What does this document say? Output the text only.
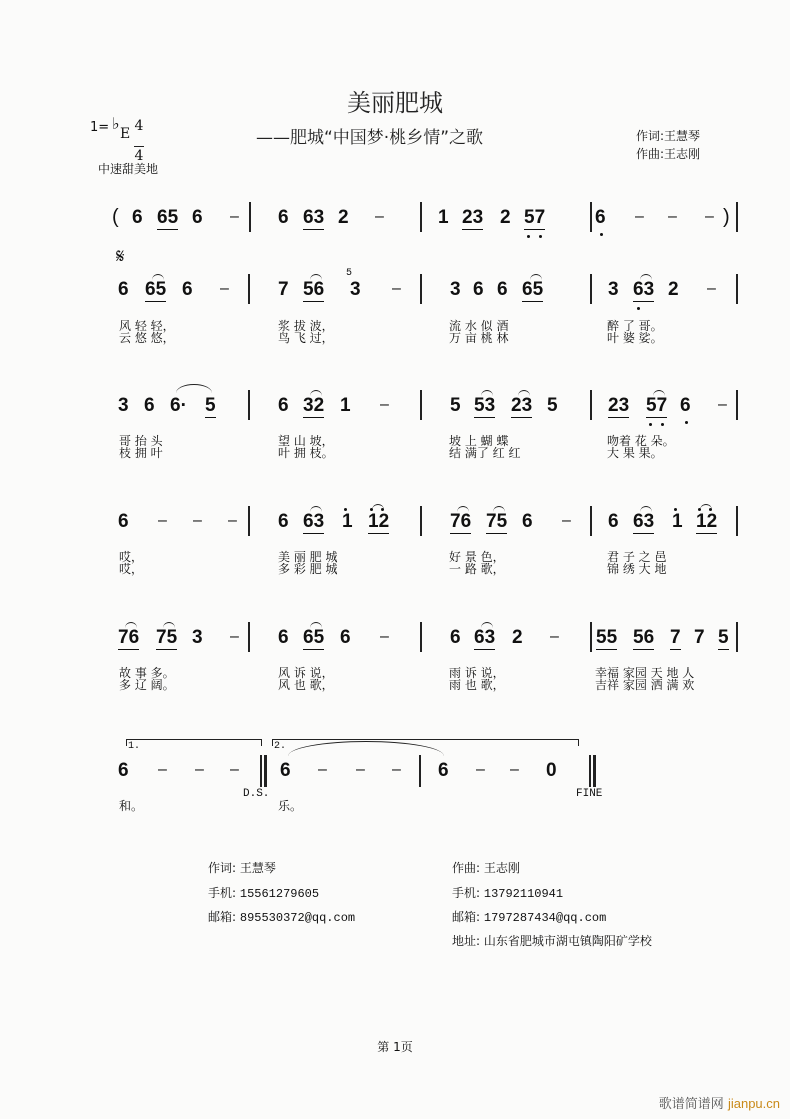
美丽肥城
——肥城“中国梦·桃乡情”之歌
1= ♭
E 4

4
中速甜美地
作词:王慧琴
作曲:王志刚
( 6 65 6 – 6 63 2 –	1 23 2 57	6 – – – )
𝄋
6 65 6 –	7 56
5
3 –	3 6 6 65	3 63 2 –
风 轻 轻，
云 悠 悠，
浆 拔 波，
鸟 飞 过，
流 水 似 酒
万 亩 桃 林
醉 了 哥。
叶 婆 娑。
3 6 6· 5	6 32 1 –	5 53 23 5	23 57 6 –
哥 抬 头
枝 拥 叶
望 山 坡，
叶 拥 枝。
坡 上 蝴 蝶
结 满了 红 红
吻着 花 朵。
大 果 果。
6 – – – 6 63 1 12	76 75 6 – 6 63 1 12
哎，
哎，
美 丽 肥 城
多 彩 肥 城
好 景 色，
一 路 歌，
君 子 之 邑
锦 绣 大 地
76 75 3 – 6 65 6 –	6 63 2 – 55 56 7 7 5
故 事 多。
多 辽 阔。
风 诉 说，
风 也 歌，
雨 诉 说，
雨 也 歌，
幸福 家园 天 地 人
吉祥 家园 洒 满 欢
1.	2.
6 – – – 6 – – – 6 – – 0
D.S.	FINE
和。	乐。
作词: 王慧琴
手机: 15561279605
邮箱: 895530372@qq.com
作曲: 王志刚
手机: 13792110941
邮箱: 1797287434@qq.com
地址: 山东省肥城市湖屯镇陶阳矿学校
第 1页
歌谱简谱网 jianpu.cn
